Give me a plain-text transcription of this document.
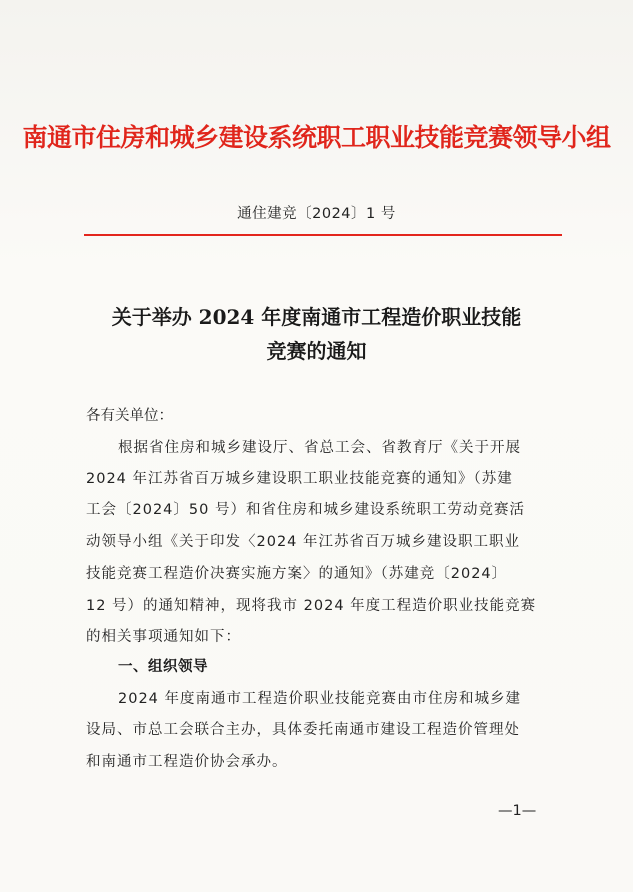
南通市住房和城乡建设系统职工职业技能竞赛领导小组
通住建竞〔2024〕1 号
关于举办 2024 年度南通市工程造价职业技能
竞赛的通知
各有关单位：
根据省住房和城乡建设厅、省总工会、省教育厅《关于开展
2024 年江苏省百万城乡建设职工职业技能竞赛的通知》（苏建
工会〔2024〕50 号）和省住房和城乡建设系统职工劳动竞赛活
动领导小组《关于印发〈2024 年江苏省百万城乡建设职工职业
技能竞赛工程造价决赛实施方案〉的通知》（苏建竞〔2024〕
12 号）的通知精神，现将我市 2024 年度工程造价职业技能竞赛
的相关事项通知如下：
一、组织领导
2024 年度南通市工程造价职业技能竞赛由市住房和城乡建
设局、市总工会联合主办，具体委托南通市建设工程造价管理处
和南通市工程造价协会承办。
—1—
